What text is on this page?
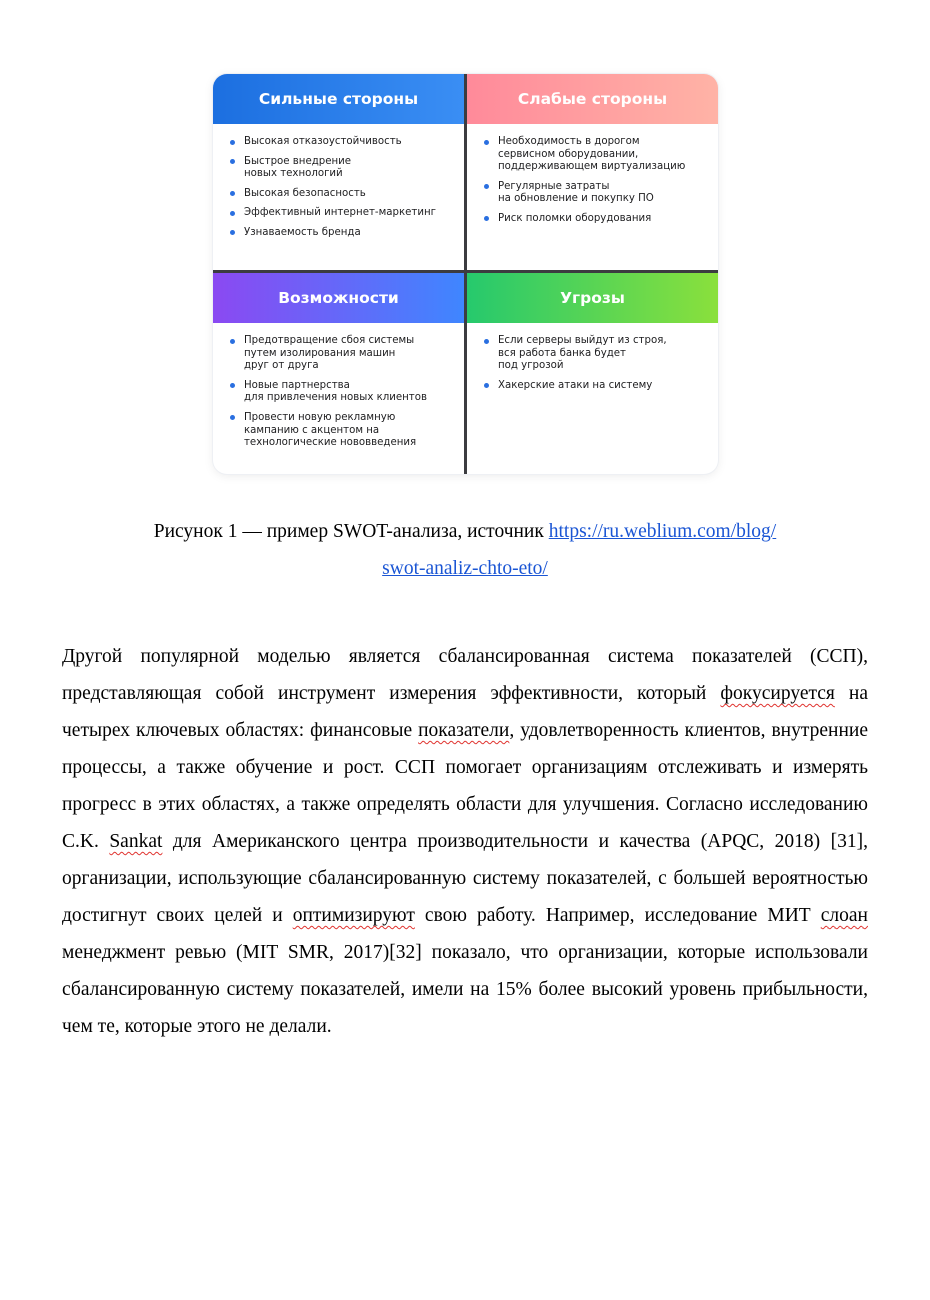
Сильные стороны
Высокая отказоустойчивость
Быстрое внедрение
новых технологий
Высокая безопасность
Эффективный интернет-маркетинг
Узнаваемость бренда
Слабые стороны
Необходимость в дорогом
сервисном оборудовании,
поддерживающем виртуализацию
Регулярные затраты
на обновление и покупку ПО
Риск поломки оборудования
Возможности
Предотвращение сбоя системы
путем изолирования машин
друг от друга
Новые партнерства
для привлечения новых клиентов
Провести новую рекламную
кампанию с акцентом на
технологические нововведения
Угрозы
Если серверы выйдут из строя,
вся работа банка будет
под угрозой
Хакерские атаки на систему
Рисунок 1 — пример SWOT-анализа, источник https://ru.weblium.com/blog/
swot-analiz-chto-eto/

Другой популярной моделью является сбалансированная система показателей (ССП), представляющая собой инструмент измерения эффективности, который фокусируется на четырех ключевых областях: финансовые показатели, удовлетворенность клиентов, внутренние процессы, а также обучение и рост. ССП помогает организациям отслеживать и измерять прогресс в этих областях, а также определять области для улучшения. Согласно исследованию C.K. Sankat для Американского центра производительности и качества (APQC, 2018) [31], организации, использующие сбалансированную систему показателей, с большей вероятностью достигнут своих целей и оптимизируют свою работу. Например, исследование МИТ слоан менеджмент ревью (MIT SMR, 2017)[32] показало, что организации, которые использовали сбалансированную систему показателей, имели на 15% более высокий уровень прибыльности, чем те, которые этого не делали.
